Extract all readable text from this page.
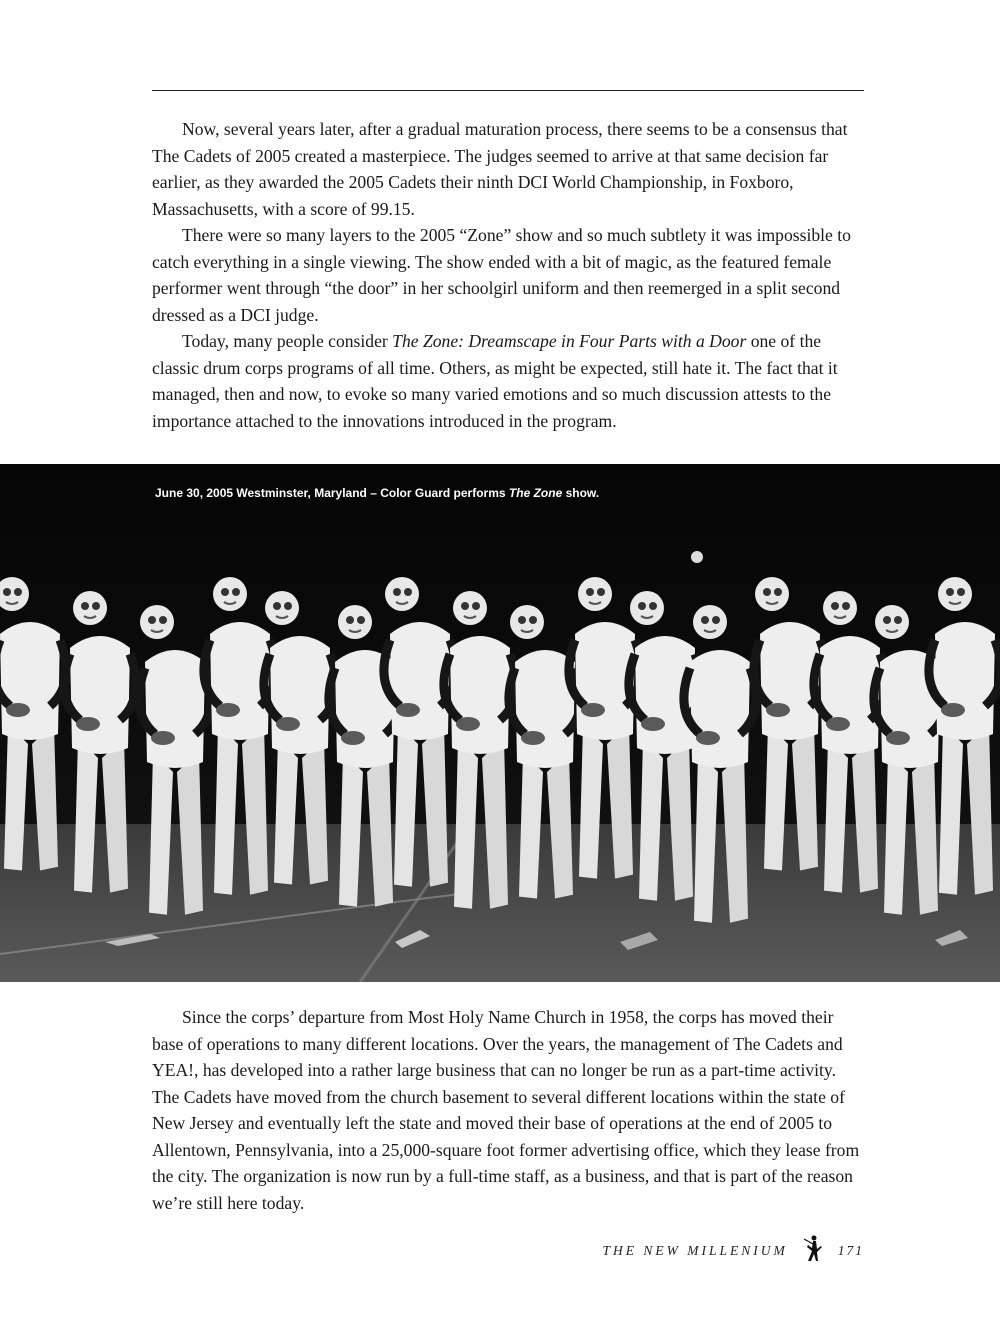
Now, several years later, after a gradual maturation process, there seems to be a consensus that The Cadets of 2005 created a masterpiece. The judges seemed to arrive at that same decision far earlier, as they awarded the 2005 Cadets their ninth DCI World Championship, in Foxboro, Massachusetts, with a score of 99.15.

There were so many layers to the 2005 “Zone” show and so much subtlety it was impossible to catch everything in a single viewing. The show ended with a bit of magic, as the featured female performer went through “the door” in her schoolgirl uniform and then reemerged in a split second dressed as a DCI judge.

Today, many people consider The Zone: Dreamscape in Four Parts with a Door one of the classic drum corps programs of all time. Others, as might be expected, still hate it. The fact that it managed, then and now, to evoke so many varied emotions and so much discussion attests to the importance attached to the innovations introduced in the program.

June 30, 2005 Westminster, Maryland – Color Guard performs The Zone show.

Since the corps’ departure from Most Holy Name Church in 1958, the corps has moved their base of operations to many different locations. Over the years, the management of The Cadets and YEA!, has developed into a rather large business that can no longer be run as a part-time activity. The Cadets have moved from the church basement to several different locations within the state of New Jersey and eventually left the state and moved their base of operations at the end of 2005 to Allentown, Pennsylvania, into a 25,000-square foot former advertising office, which they lease from the city. The organization is now run by a full-time staff, as a business, and that is part of the reason we’re still here today.

THE NEW MILLENIUM	171
